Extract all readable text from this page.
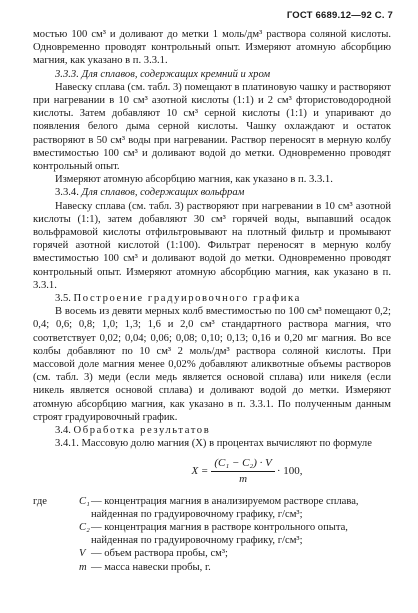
ГОСТ 6689.12—92 С. 7

мостью 100 см³ и доливают до метки 1 моль/дм³ раствора соляной кислоты. Одновременно проводят контрольный опыт. Измеряют атомную абсорбцию магния, как указано в п. 3.3.1.

3.3.3. Для сплавов, содержащих кремний и хром

Навеску сплава (см. табл. 3) помещают в платиновую чашку и растворяют при нагревании в 10 см³ азотной кислоты (1:1) и 2 см³ фтористоводородной кислоты. Затем добавляют 10 см³ серной кислоты (1:1) и упаривают до появления белого дыма серной кислоты. Чашку охлаждают и остаток растворяют в 50 см³ воды при нагревании. Раствор переносят в мерную колбу вместимостью 100 см³ и доливают водой до метки. Одновременно проводят контрольный опыт.

Измеряют атомную абсорбцию магния, как указано в п. 3.3.1.

3.3.4. Для сплавов, содержащих вольфрам

Навеску сплава (см. табл. 3) растворяют при нагревании в 10 см³ азотной кислоты (1:1), затем добавляют 30 см³ горячей воды, выпавший осадок вольфрамовой кислоты отфильтровывают на плотный фильтр и промывают горячей азотной кислотой (1:100). Фильтрат переносят в мерную колбу вместимостью 100 см³ и доливают водой до метки. Одновременно проводят контрольный опыт. Измеряют атомную абсорбцию магния, как указано в п. 3.3.1.

3.5. Построение градуировочного графика

В восемь из девяти мерных колб вместимостью по 100 см³ помещают 0,2; 0,4; 0,6; 0,8; 1,0; 1,3; 1,6 и 2,0 см³ стандартного раствора магния, что соответствует 0,02; 0,04; 0,06; 0,08; 0,10; 0,13; 0,16 и 0,20 мг магния. Во все колбы добавляют по 10 см³ 2 моль/дм³ раствора соляной кислоты. При массовой доле магния менее 0,02% добавляют аликвотные объемы растворов (см. табл. 3) меди (если медь является основой сплава) или никеля (если никель является основой сплава) и доливают водой до метки. Измеряют атомную абсорбцию магния, как указано в п. 3.3.1. По полученным данным строят градуировочный график.

3.4. Обработка результатов

3.4.1. Массовую долю магния (X) в процентах вычисляют по формуле

$X = \frac{\text{(C₁ − C₂) · V}}{m} \cdot 100$,
где	C₁ — концентрация магния в анализируемом растворе сплава, найденная по градуировочному графику, г/см³;
C₂ — концентрация магния в растворе контрольного опыта, найденная по градуировочному графику, г/см³;
V — объем раствора пробы, см³;
m — масса навески пробы, г.
